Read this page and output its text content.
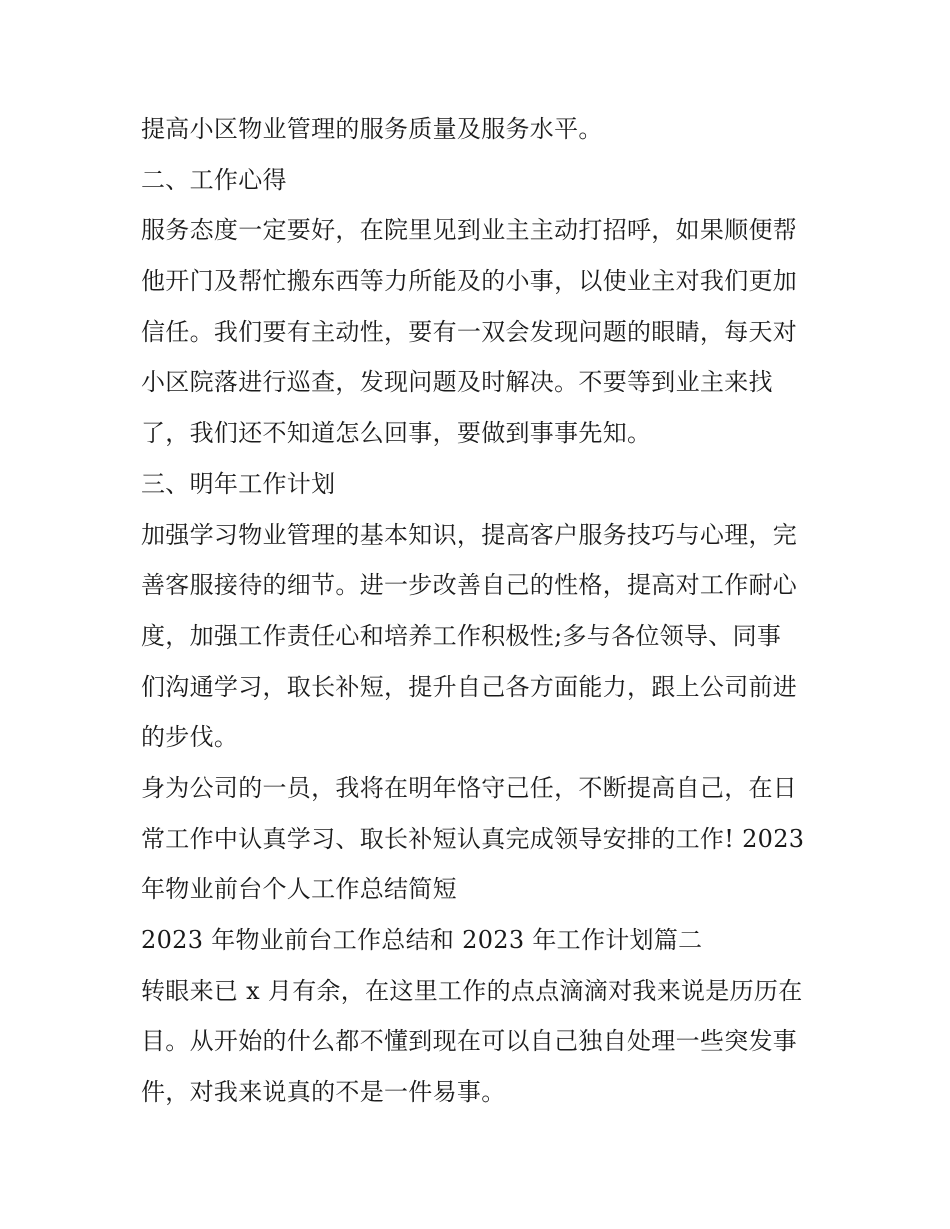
提高小区物业管理的服务质量及服务水平。
二、工作心得
服务态度一定要好，在院里见到业主主动打招呼，如果顺便帮
他开门及帮忙搬东西等力所能及的小事，以使业主对我们更加
信任。我们要有主动性，要有一双会发现问题的眼睛，每天对
小区院落进行巡查，发现问题及时解决。不要等到业主来找
了，我们还不知道怎么回事，要做到事事先知。
三、明年工作计划
加强学习物业管理的基本知识，提高客户服务技巧与心理，完
善客服接待的细节。进一步改善自己的性格，提高对工作耐心
度，加强工作责任心和培养工作积极性;多与各位领导、同事
们沟通学习，取长补短，提升自己各方面能力，跟上公司前进
的步伐。
身为公司的一员，我将在明年恪守己任，不断提高自己，在日
常工作中认真学习、取长补短认真完成领导安排的工作! 2023
年物业前台个人工作总结简短
2023 年物业前台工作总结和 2023 年工作计划篇二
转眼来已 x 月有余，在这里工作的点点滴滴对我来说是历历在
目。从开始的什么都不懂到现在可以自己独自处理一些突发事
件，对我来说真的不是一件易事。
